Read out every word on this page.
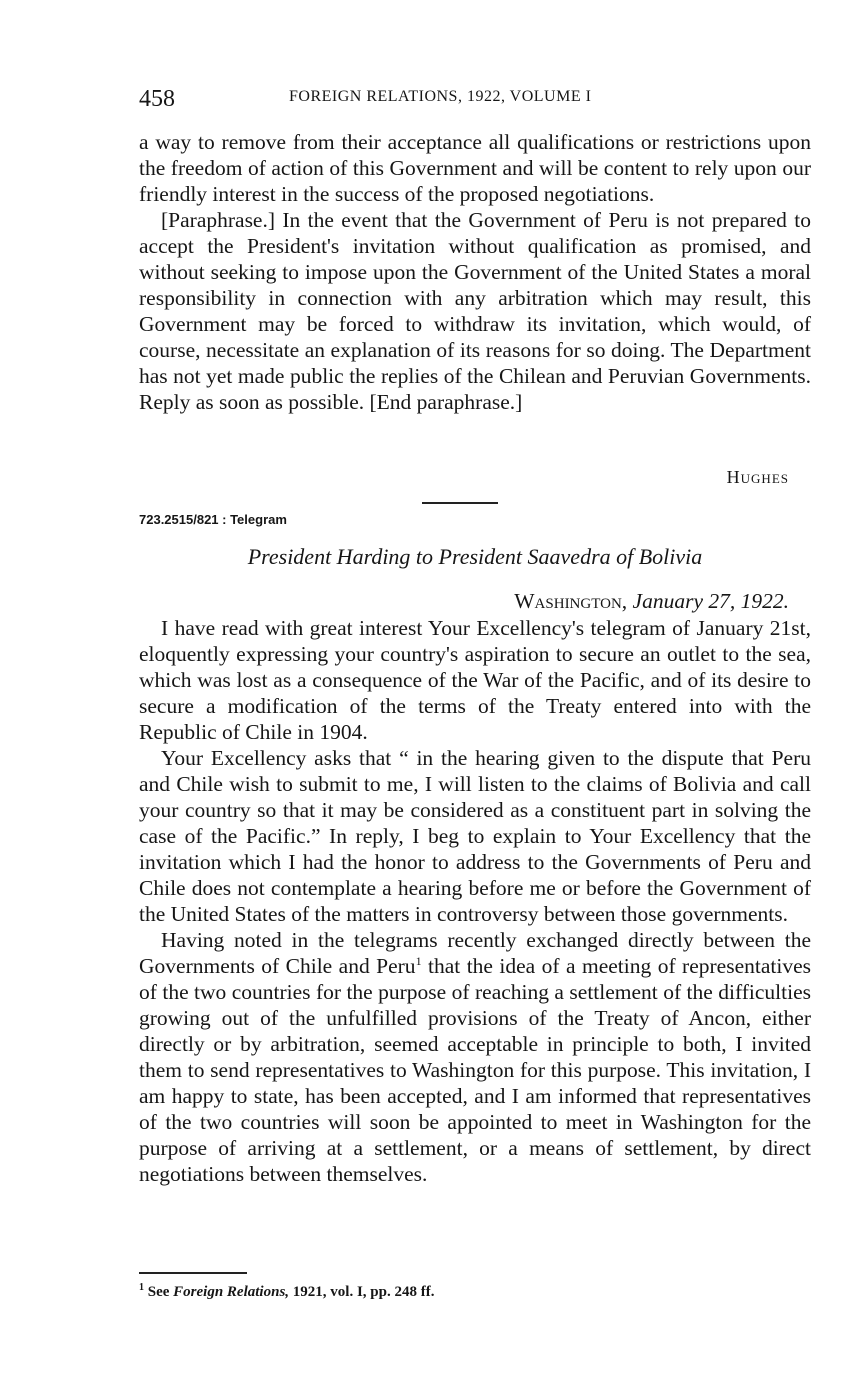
458	FOREIGN RELATIONS, 1922, VOLUME I

a way to remove from their acceptance all qualifications or restrictions upon the freedom of action of this Government and will be content to rely upon our friendly interest in the success of the proposed negotiations.

[Paraphrase.] In the event that the Government of Peru is not prepared to accept the President's invitation without qualification as promised, and without seeking to impose upon the Government of the United States a moral responsibility in connection with any arbitration which may result, this Government may be forced to withdraw its invitation, which would, of course, necessitate an explanation of its reasons for so doing. The Department has not yet made public the replies of the Chilean and Peruvian Governments. Reply as soon as possible. [End paraphrase.]

Hughes
723.2515/821 : Telegram
President Harding to President Saavedra of Bolivia
Washington, January 27, 1922.

I have read with great interest Your Excellency's telegram of January 21st, eloquently expressing your country's aspiration to secure an outlet to the sea, which was lost as a consequence of the War of the Pacific, and of its desire to secure a modification of the terms of the Treaty entered into with the Republic of Chile in 1904.

Your Excellency asks that “ in the hearing given to the dispute that Peru and Chile wish to submit to me, I will listen to the claims of Bolivia and call your country so that it may be considered as a constituent part in solving the case of the Pacific.” In reply, I beg to explain to Your Excellency that the invitation which I had the honor to address to the Governments of Peru and Chile does not contemplate a hearing before me or before the Government of the United States of the matters in controversy between those governments.

Having noted in the telegrams recently exchanged directly between the Governments of Chile and Peru$^1$ that the idea of a meeting of representatives of the two countries for the purpose of reaching a settlement of the difficulties growing out of the unfulfilled provisions of the Treaty of Ancon, either directly or by arbitration, seemed acceptable in principle to both, I invited them to send representatives to Washington for this purpose. This invitation, I am happy to state, has been accepted, and I am informed that representatives of the two countries will soon be appointed to meet in Washington for the purpose of arriving at a settlement, or a means of settlement, by direct negotiations between themselves.

$^1$ See Foreign Relations, 1921, vol. I, pp. 248 ff.
